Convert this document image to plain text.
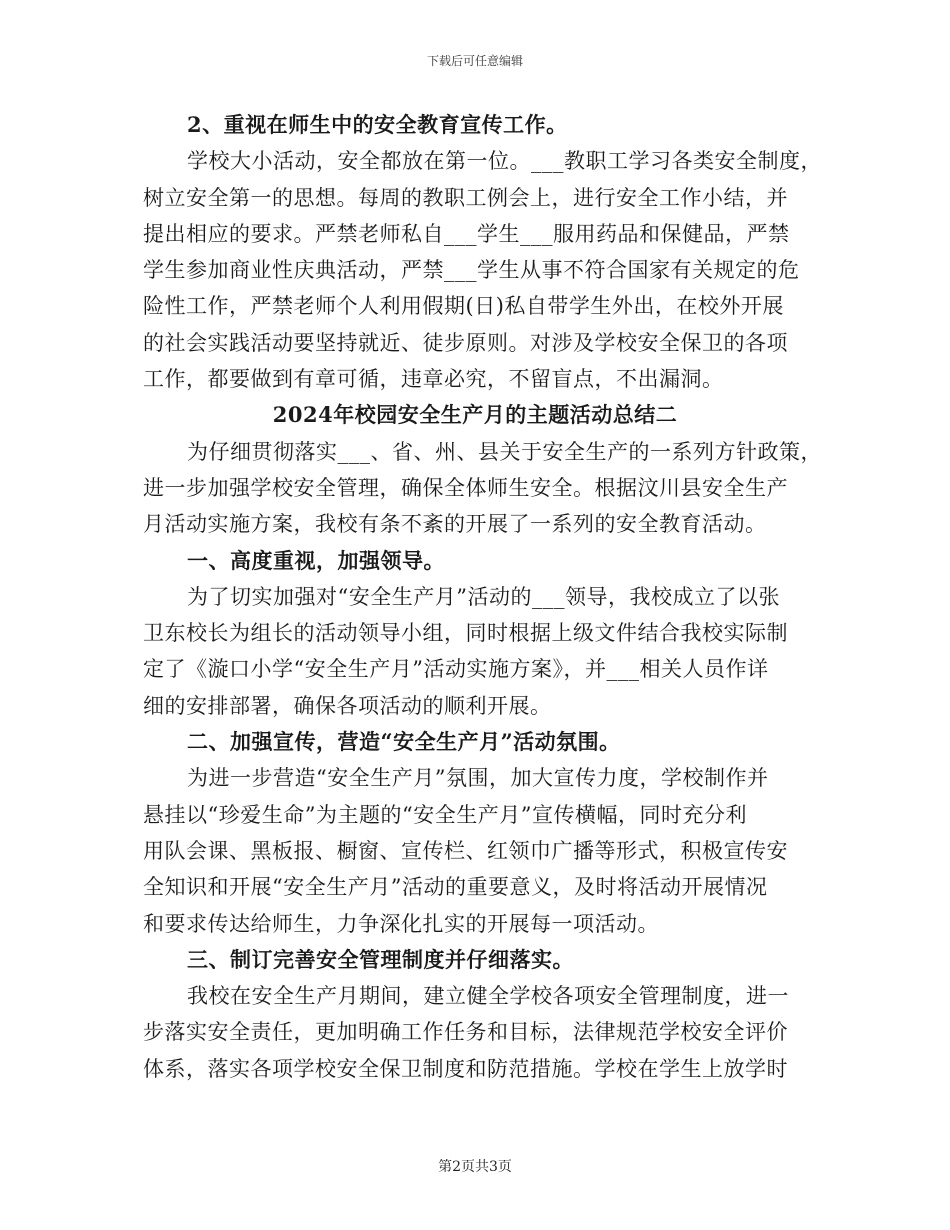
下载后可任意编辑
2、重视在师生中的安全教育宣传工作。
学校大小活动，安全都放在第一位。___教职工学习各类安全制度，
树立安全第一的思想。每周的教职工例会上，进行安全工作小结，并
提出相应的要求。严禁老师私自___学生___服用药品和保健品，严禁
学生参加商业性庆典活动，严禁___学生从事不符合国家有关规定的危
险性工作，严禁老师个人利用假期(日)私自带学生外出，在校外开展
的社会实践活动要坚持就近、徒步原则。对涉及学校安全保卫的各项
工作，都要做到有章可循，违章必究，不留盲点，不出漏洞。
2024年校园安全生产月的主题活动总结二
为仔细贯彻落实___、省、州、县关于安全生产的一系列方针政策，
进一步加强学校安全管理，确保全体师生安全。根据汶川县安全生产
月活动实施方案，我校有条不紊的开展了一系列的安全教育活动。
一、高度重视，加强领导。
为了切实加强对“安全生产月”活动的___领导，我校成立了以张
卫东校长为组长的活动领导小组，同时根据上级文件结合我校实际制
定了《漩口小学“安全生产月”活动实施方案》，并___相关人员作详
细的安排部署，确保各项活动的顺利开展。
二、加强宣传，营造“安全生产月”活动氛围。
为进一步营造“安全生产月”氛围，加大宣传力度，学校制作并
悬挂以“珍爱生命”为主题的“安全生产月”宣传横幅，同时充分利
用队会课、黑板报、橱窗、宣传栏、红领巾广播等形式，积极宣传安
全知识和开展“安全生产月”活动的重要意义，及时将活动开展情况
和要求传达给师生，力争深化扎实的开展每一项活动。
三、制订完善安全管理制度并仔细落实。
我校在安全生产月期间，建立健全学校各项安全管理制度，进一
步落实安全责任，更加明确工作任务和目标，法律规范学校安全评价
体系，落实各项学校安全保卫制度和防范措施。学校在学生上放学时
第2页共3页
